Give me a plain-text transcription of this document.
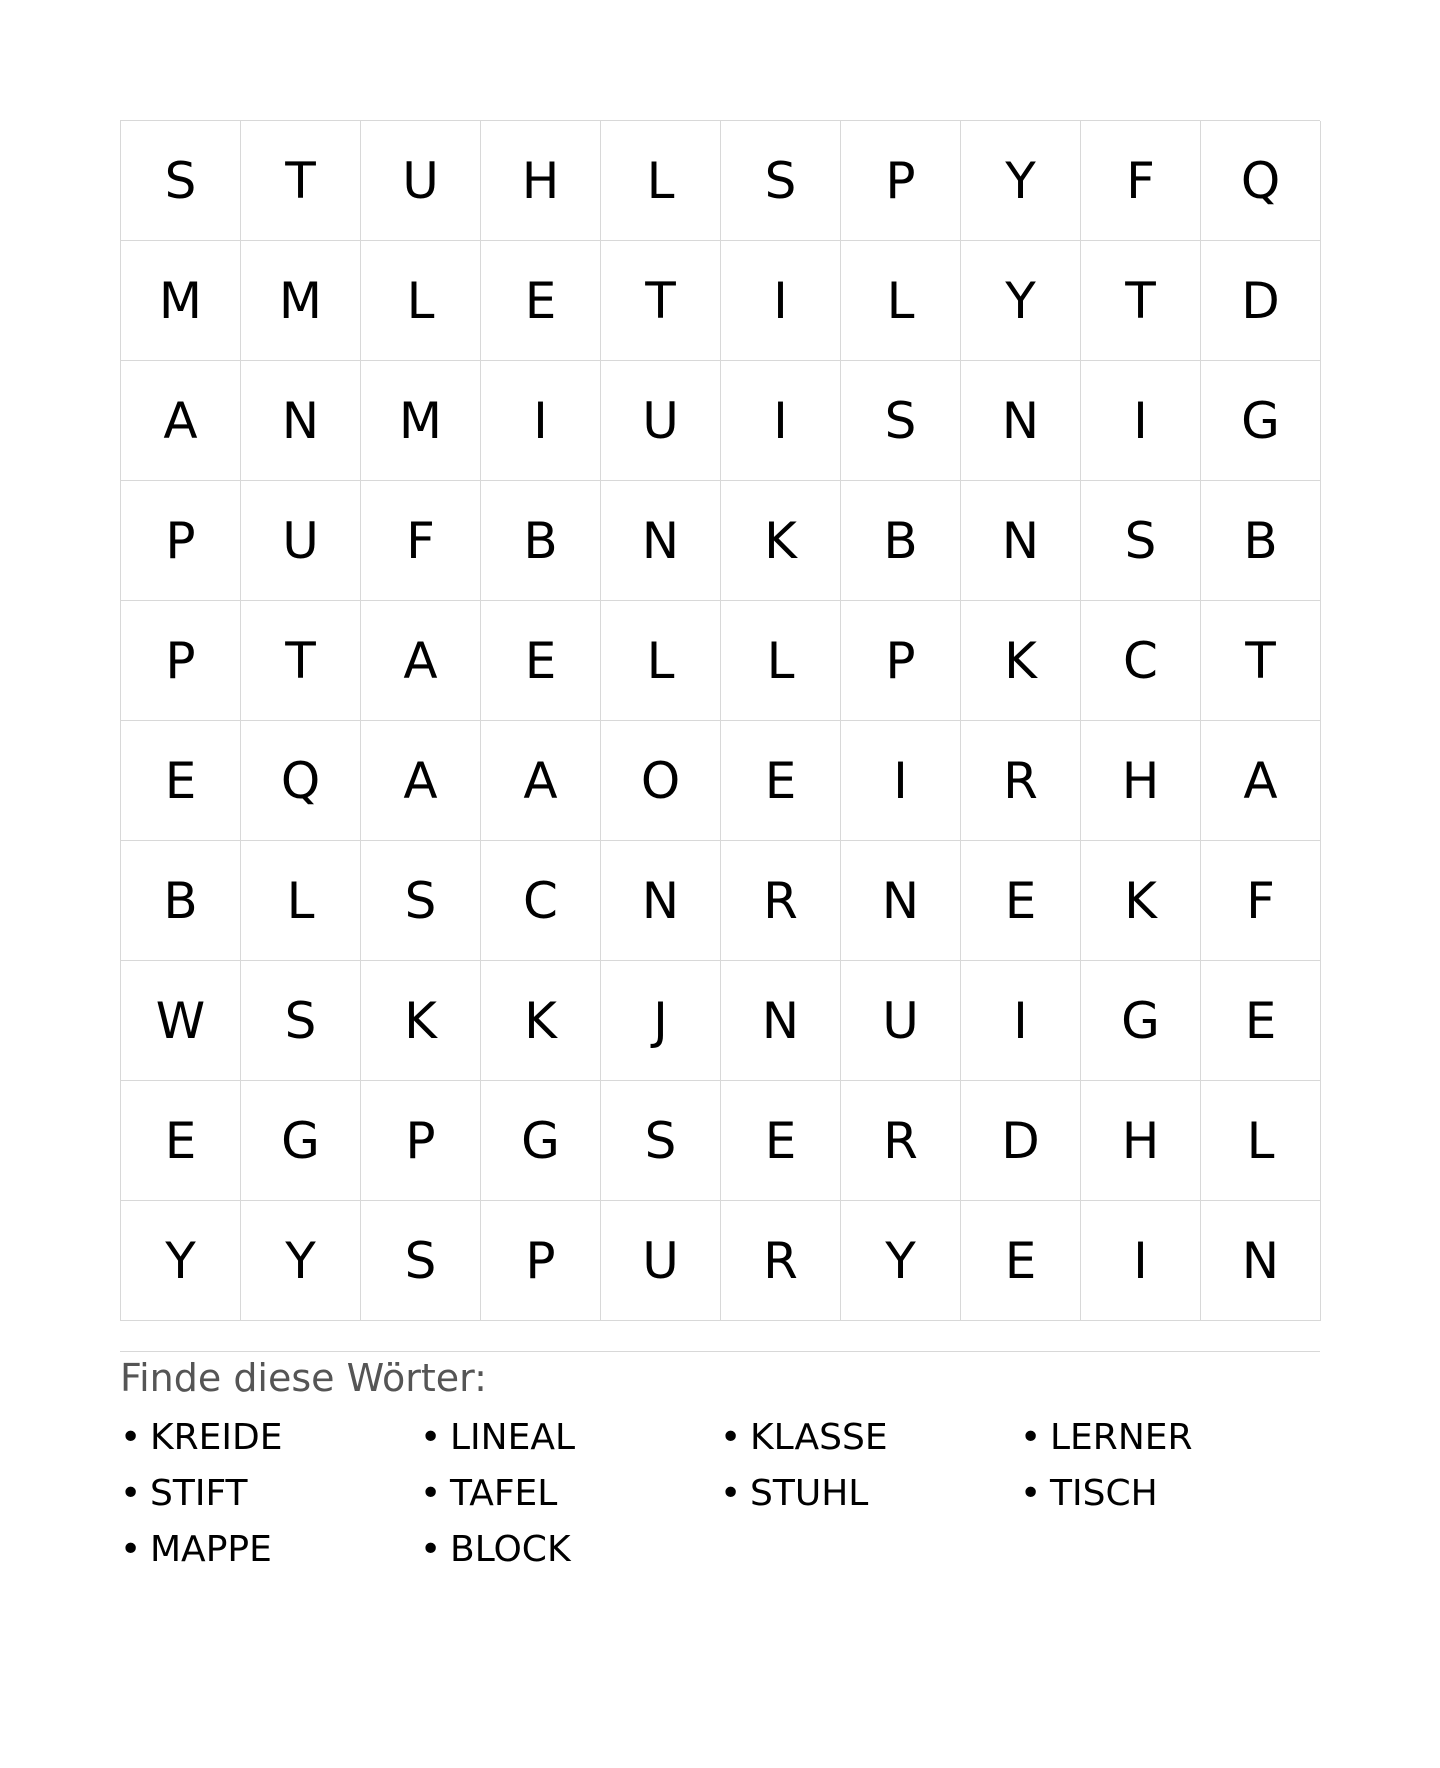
S	T	U	H	L	S	P	Y	F	Q
M	M	L	E	T	I	L	Y	T	D
A	N	M	I	U	I	S	N	I	G
P	U	F	B	N	K	B	N	S	B
P	T	A	E	L	L	P	K	C	T
E	Q	A	A	O	E	I	R	H	A
B	L	S	C	N	R	N	E	K	F
W	S	K	K	J	N	U	I	G	E
E	G	P	G	S	E	R	D	H	L
Y	Y	S	P	U	R	Y	E	I	N
Finde diese Wörter:
• KREIDE	• LINEAL	• KLASSE	• LERNER
• STIFT	• TAFEL	• STUHL	• TISCH
• MAPPE	• BLOCK
